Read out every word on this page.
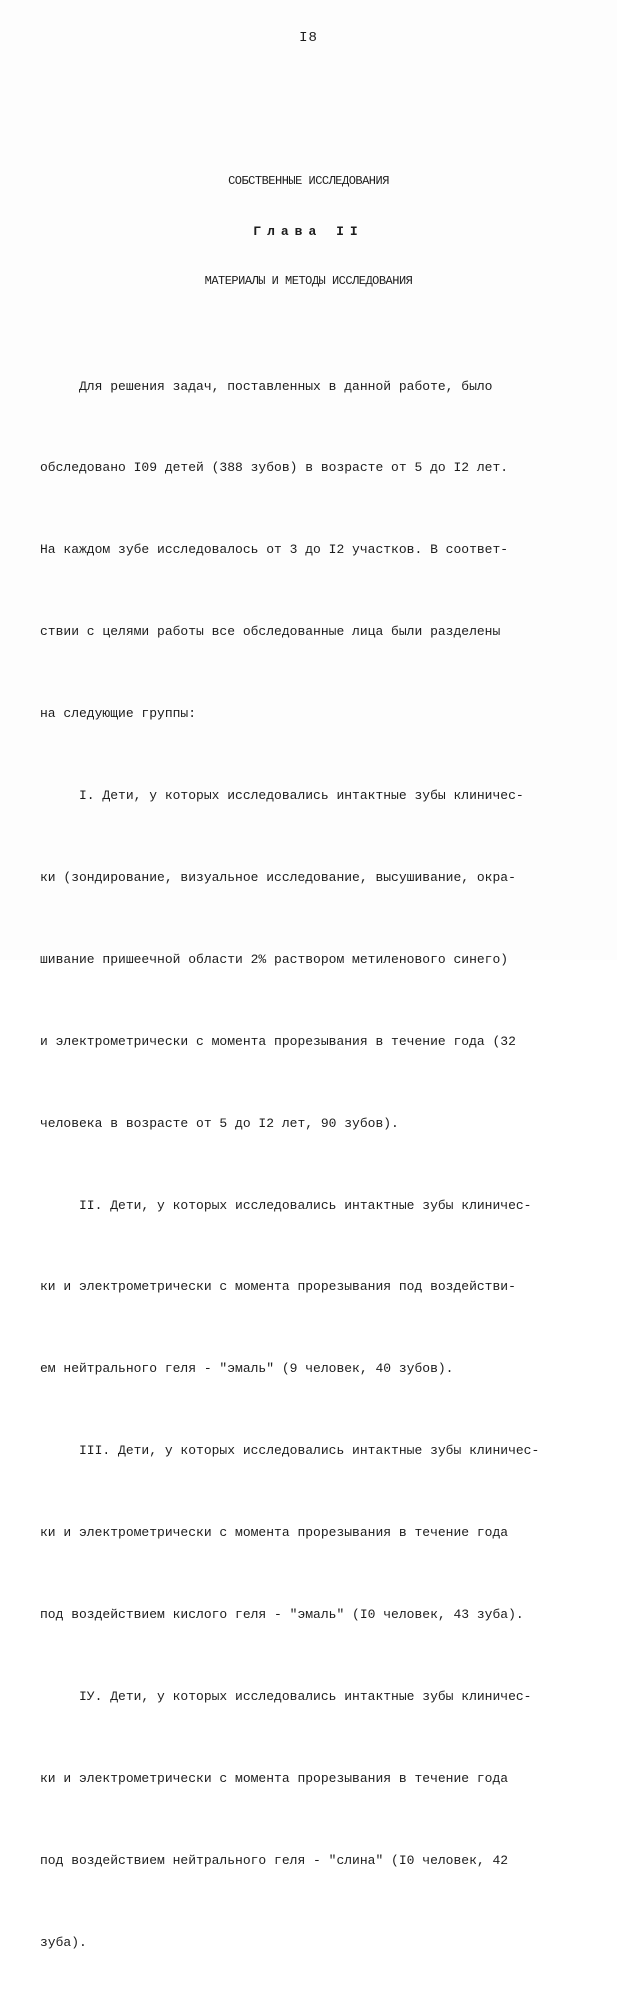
I8
СОБСТВЕННЫЕ ИССЛЕДОВАНИЯ
Глава II
МАТЕРИАЛЫ И МЕТОДЫ ИССЛЕДОВАНИЯ

Для решения задач, поставленных в данной работе, было

обследовано I09 детей (388 зубов) в возрасте от 5 до I2 лет.

На каждом зубе исследовалось от 3 до I2 участков. В соответ-

ствии с целями работы все обследованные лица были разделены

на следующие группы:

I. Дети, у которых исследовались интактные зубы клиничес-

ки (зондирование, визуальное исследование, высушивание, окра-

шивание пришеечной области 2% раствором метиленового синего)

и электрометрически с момента прорезывания в течение года (32

человека в возрасте от 5 до I2 лет, 90 зубов).

II. Дети, у которых исследовались интактные зубы клиничес-

ки и электрометрически с момента прорезывания под воздействи-

ем нейтрального геля - "эмаль" (9 человек, 40 зубов).

III. Дети, у которых исследовались интактные зубы клиничес-

ки и электрометрически с момента прорезывания в течение года

под воздействием кислого геля - "эмаль" (I0 человек, 43 зуба).

IУ. Дети, у которых исследовались интактные зубы клиничес-

ки и электрометрически с момента прорезывания в течение года

под воздействием нейтрального геля - "слина" (I0 человек, 42

зуба).
